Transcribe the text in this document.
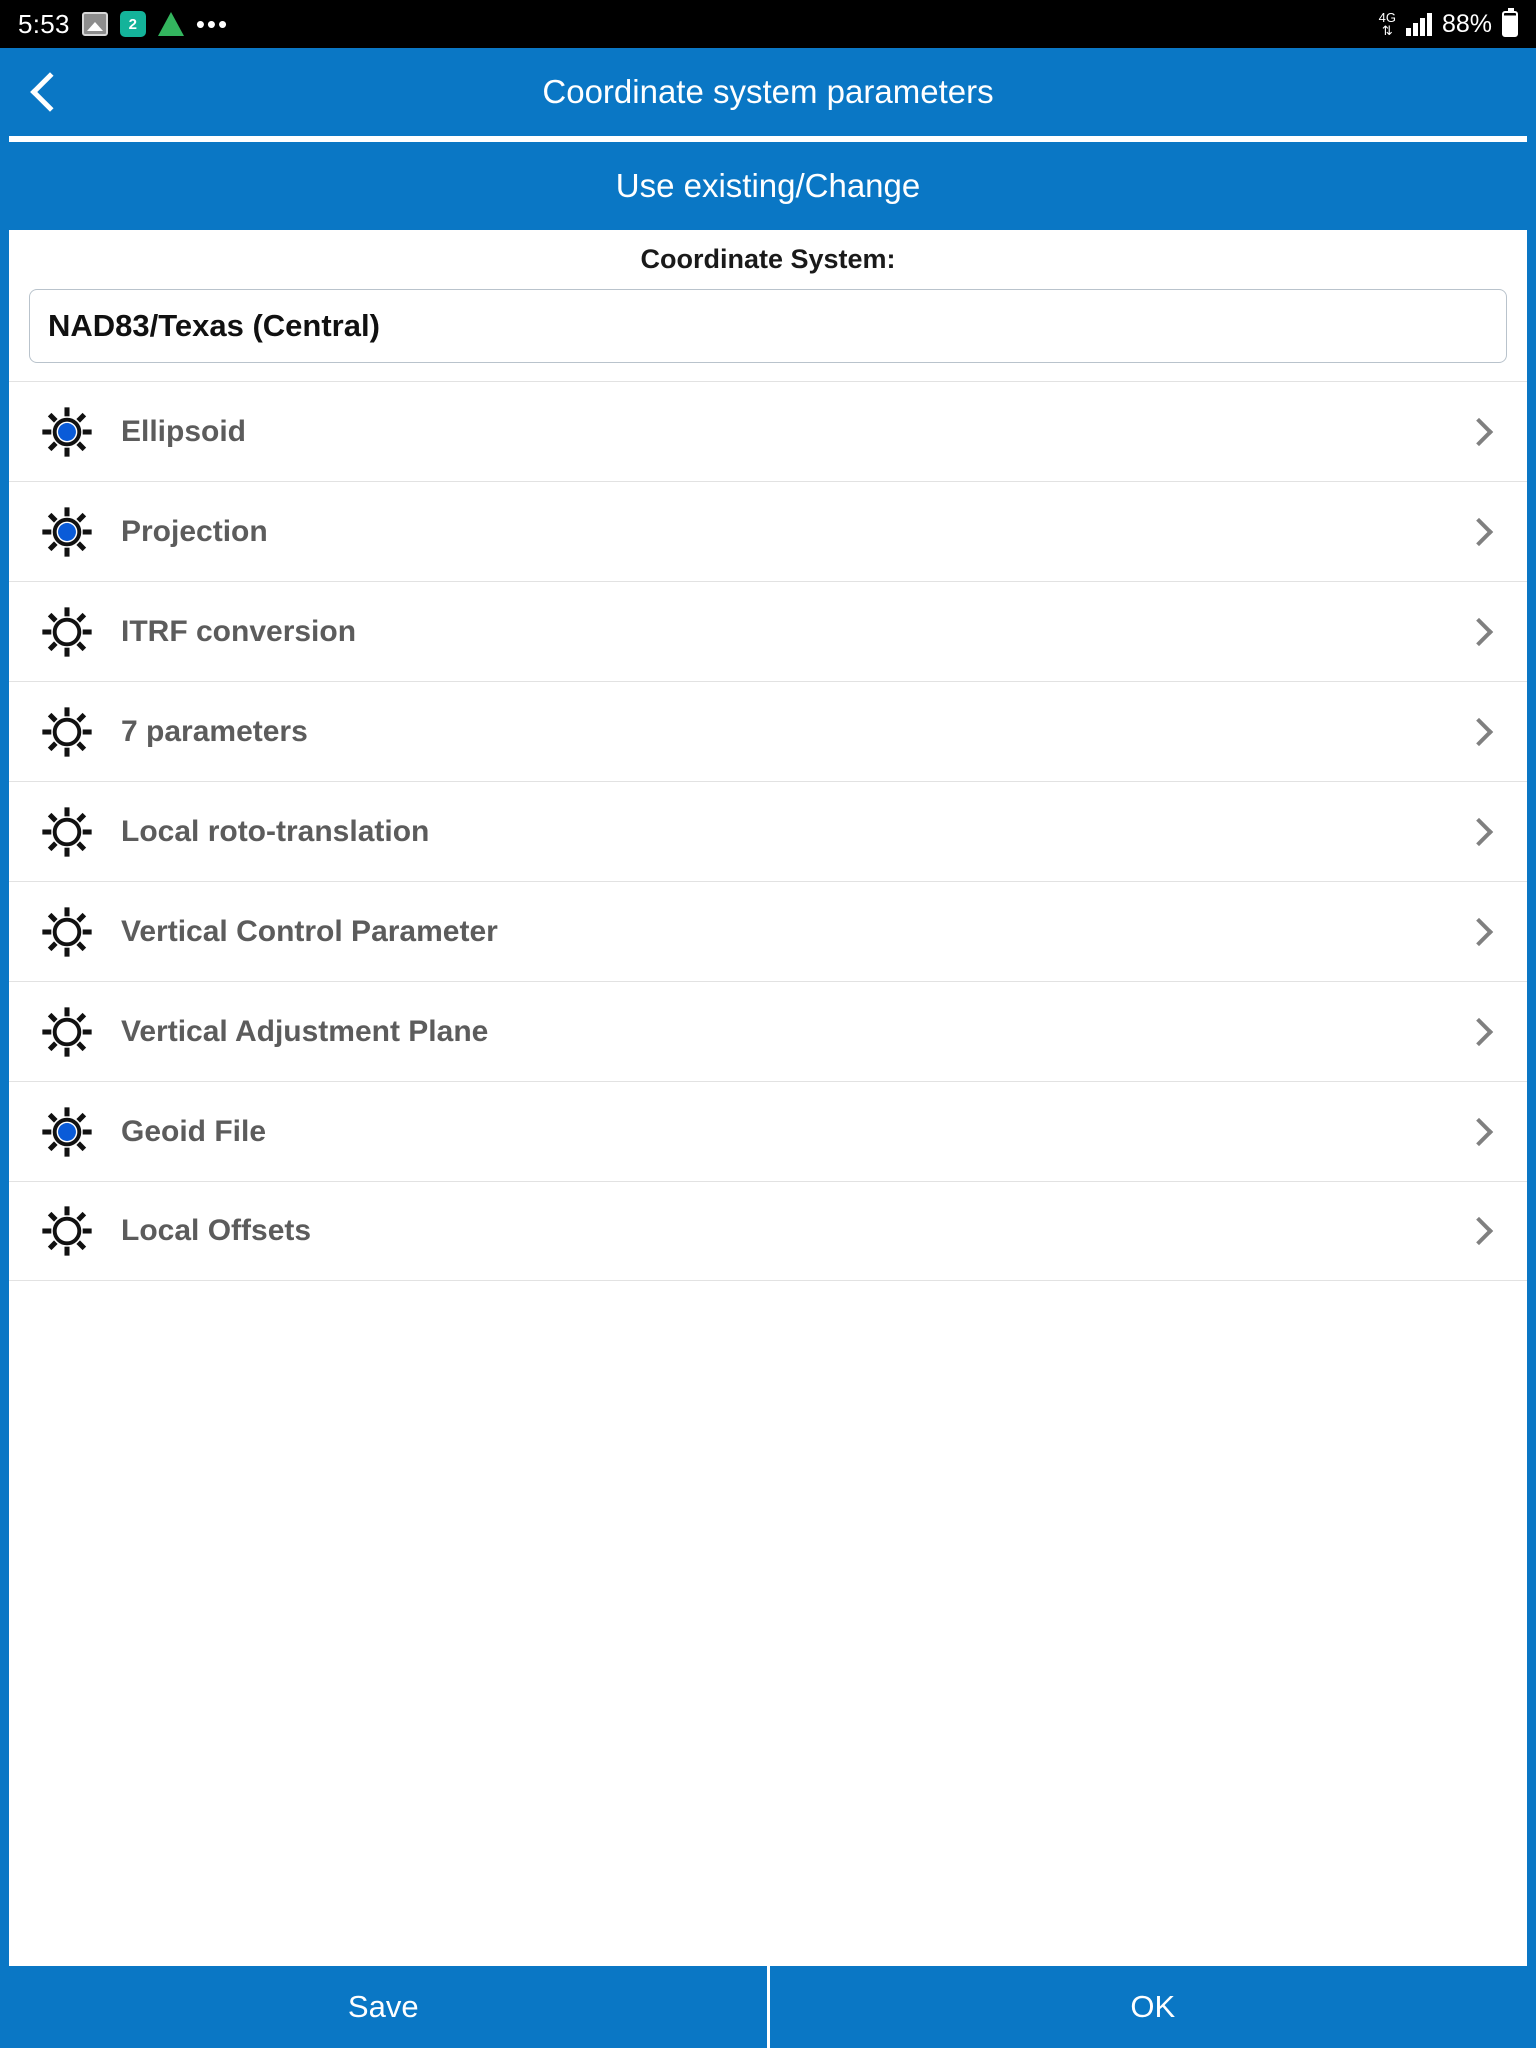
5:53	2	•••	4G
⇅ 88%
Coordinate system parameters
Use existing/Change
Coordinate System:
NAD83/Texas (Central)
Ellipsoid
Projection
ITRF conversion
7 parameters
Local roto-translation
Vertical Control Parameter
Vertical Adjustment Plane
Geoid File
Local Offsets
Save	OK
